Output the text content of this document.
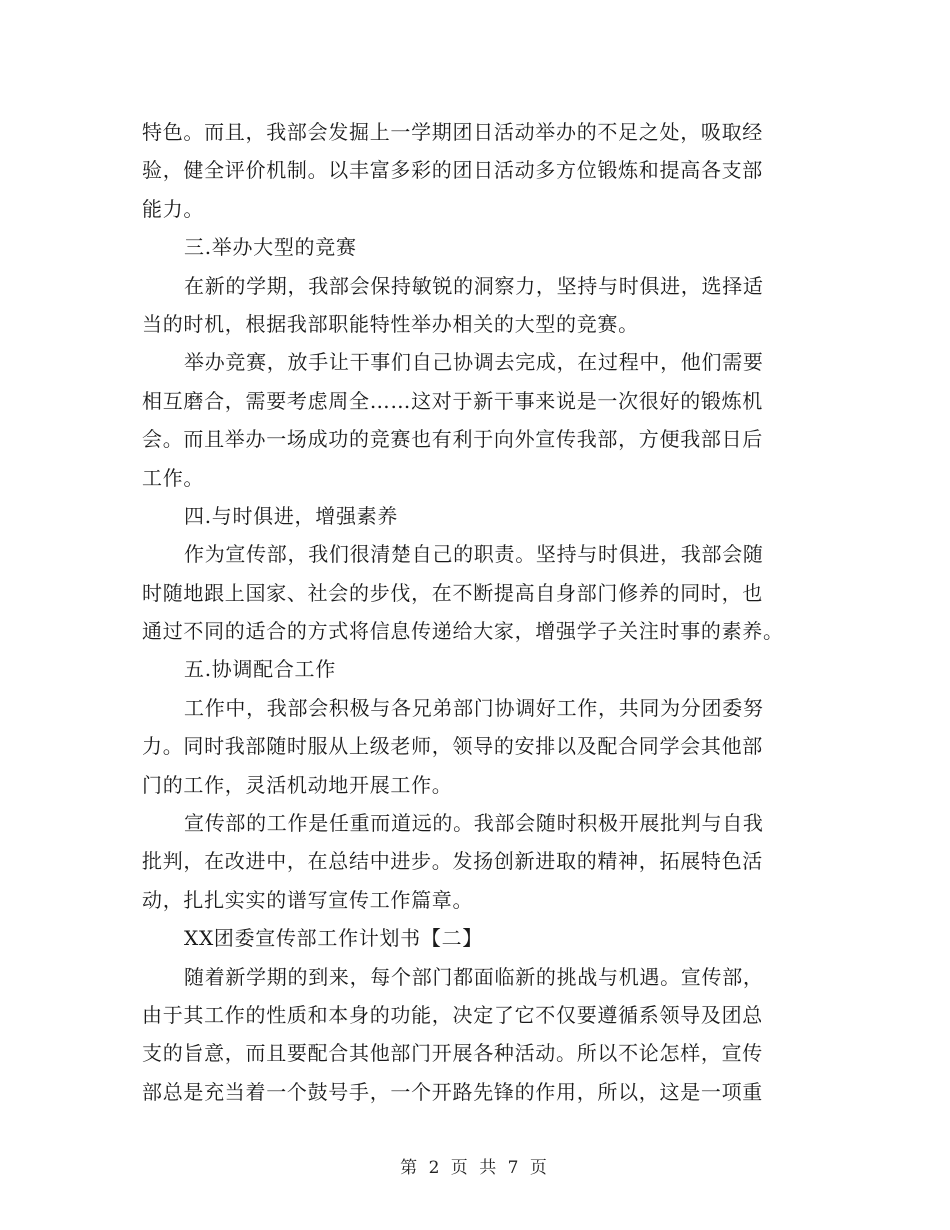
特色。而且，我部会发掘上一学期团日活动举办的不足之处，吸取经
验，健全评价机制。以丰富多彩的团日活动多方位锻炼和提高各支部
能力。
三.举办大型的竞赛
在新的学期，我部会保持敏锐的洞察力，坚持与时俱进，选择适
当的时机，根据我部职能特性举办相关的大型的竞赛。
举办竞赛，放手让干事们自己协调去完成，在过程中，他们需要
相互磨合，需要考虑周全……这对于新干事来说是一次很好的锻炼机
会。而且举办一场成功的竞赛也有利于向外宣传我部，方便我部日后
工作。
四.与时俱进，增强素养
作为宣传部，我们很清楚自己的职责。坚持与时俱进，我部会随
时随地跟上国家、社会的步伐，在不断提高自身部门修养的同时，也
通过不同的适合的方式将信息传递给大家，增强学子关注时事的素养。
五.协调配合工作
工作中，我部会积极与各兄弟部门协调好工作，共同为分团委努
力。同时我部随时服从上级老师，领导的安排以及配合同学会其他部
门的工作，灵活机动地开展工作。
宣传部的工作是任重而道远的。我部会随时积极开展批判与自我
批判，在改进中，在总结中进步。发扬创新进取的精神，拓展特色活
动，扎扎实实的谱写宣传工作篇章。
XX团委宣传部工作计划书【二】
随着新学期的到来，每个部门都面临新的挑战与机遇。宣传部，
由于其工作的性质和本身的功能，决定了它不仅要遵循系领导及团总
支的旨意，而且要配合其他部门开展各种活动。所以不论怎样，宣传
部总是充当着一个鼓号手，一个开路先锋的作用，所以，这是一项重
第 2 页 共 7 页
